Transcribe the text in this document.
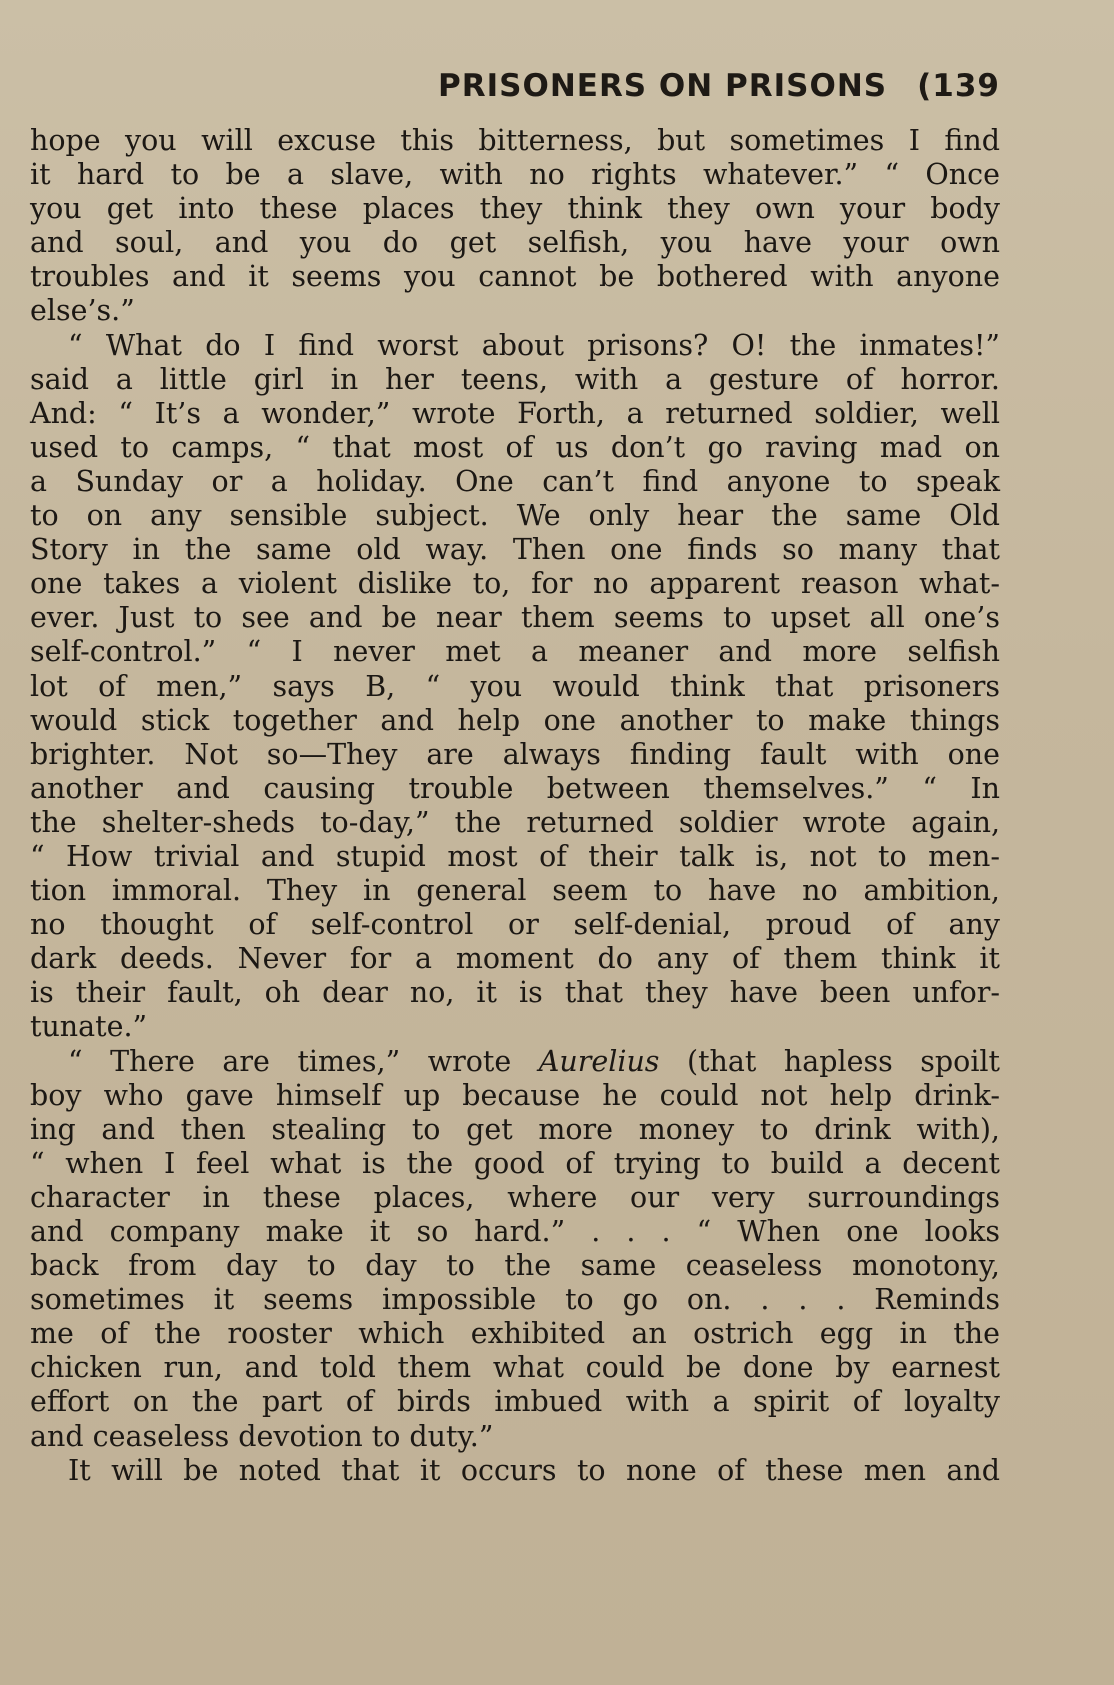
PRISONERS ON PRISONS (139
hope you will excuse this bitterness, but sometimes I find
it hard to be a slave, with no rights whatever.” “ Once
you get into these places they think they own your body
and soul, and you do get selfish, you have your own
troubles and it seems you cannot be bothered with anyone
else’s.”
“ What do I find worst about prisons? O! the inmates!”
said a little girl in her teens, with a gesture of horror.
And: “ It’s a wonder,” wrote Forth, a returned soldier, well
used to camps, “ that most of us don’t go raving mad on
a Sunday or a holiday. One can’t find anyone to speak
to on any sensible subject. We only hear the same Old
Story in the same old way. Then one finds so many that
one takes a violent dislike to, for no apparent reason what-
ever. Just to see and be near them seems to upset all one’s
self-control.” “ I never met a meaner and more selfish
lot of men,” says B, “ you would think that prisoners
would stick together and help one another to make things
brighter. Not so—They are always finding fault with one
another and causing trouble between themselves.” “ In
the shelter-sheds to-day,” the returned soldier wrote again,
“ How trivial and stupid most of their talk is, not to men-
tion immoral. They in general seem to have no ambition,
no thought of self-control or self-denial, proud of any
dark deeds. Never for a moment do any of them think it
is their fault, oh dear no, it is that they have been unfor-
tunate.”
“ There are times,” wrote Aurelius (that hapless spoilt
boy who gave himself up because he could not help drink-
ing and then stealing to get more money to drink with),
“ when I feel what is the good of trying to build a decent
character in these places, where our very surroundings
and company make it so hard.” . . . “ When one looks
back from day to day to the same ceaseless monotony,
sometimes it seems impossible to go on. . . . Reminds
me of the rooster which exhibited an ostrich egg in the
chicken run, and told them what could be done by earnest
effort on the part of birds imbued with a spirit of loyalty
and ceaseless devotion to duty.”
It will be noted that it occurs to none of these men and
